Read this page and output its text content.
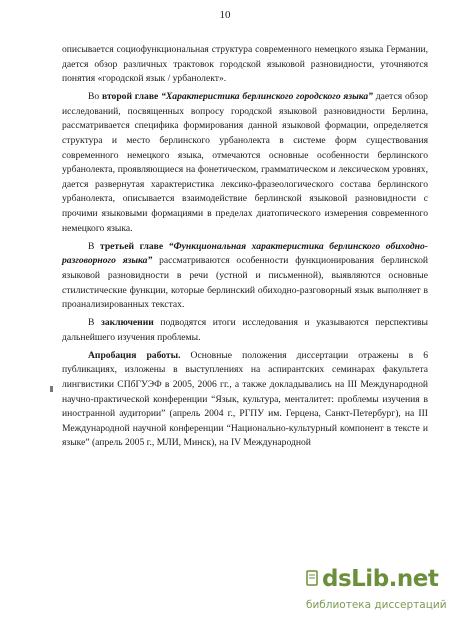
10

описывается социофункциональная структура современного немецкого языка Германии, дается обзор различных трактовок городской языковой разновидности, уточняются понятия «городской язык / урбанолект».

Во второй главе “Характеристика берлинского городского языка” дается обзор исследований, посвященных вопросу городской языковой разновидности Берлина, рассматривается специфика формирования данной языковой формации, определяется структура и место берлинского урбанолекта в системе форм существования современного немецкого языка, отмечаются основные особенности берлинского урбанолекта, проявляющиеся на фонетическом, грамматическом и лексическом уровнях, дается развернутая характеристика лексико-фразеологического состава берлинского урбанолекта, описывается взаимодействие берлинской языковой разновидности с прочими языковыми формациями в пределах диатопического измерения современного немецкого языка.

В третьей главе “Функциональная характеристика берлинского обиходно-разговорного языка” рассматриваются особенности функционирования берлинской языковой разновидности в речи (устной и письменной), выявляются основные стилистические функции, которые берлинский обиходно-разговорный язык выполняет в проанализированных текстах.

В заключении подводятся итоги исследования и указываются перспективы дальнейшего изучения проблемы.

Апробация работы. Основные положения диссертации отражены в 6 публикациях, изложены в выступлениях на аспирантских семинарах факультета лингвистики СПбГУЭФ в 2005, 2006 гг., а также докладывались на III Международной научно-практической конференции “Язык, культура, менталитет: проблемы изучения в иностранной аудитории” (апрель 2004 г., РГПУ им. Герцена, Санкт-Петербург), на III Международной научной конференции “Национально-культурный компонент в тексте и языке” (апрель 2005 г., МЛИ, Минск), на IV Международной

dsLib.net
библиотека диссертаций
